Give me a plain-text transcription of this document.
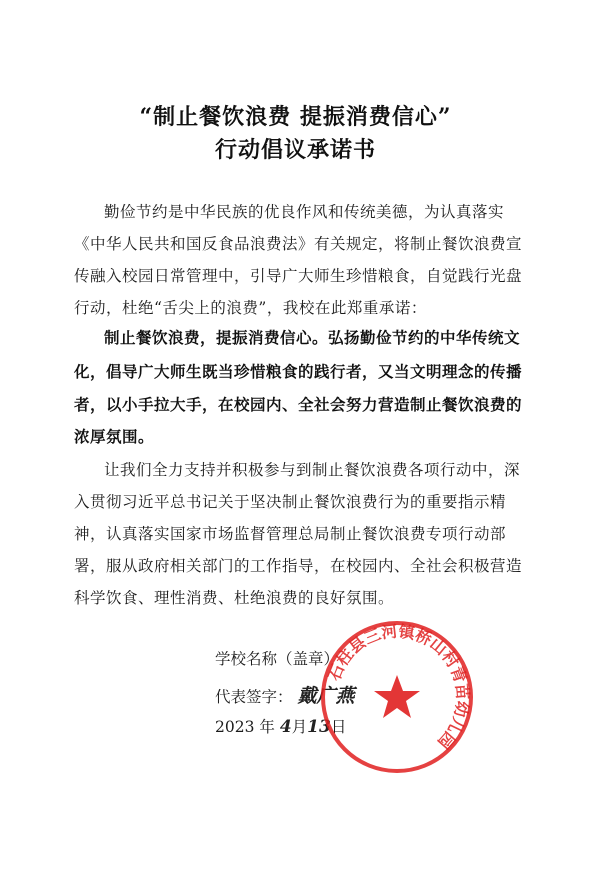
“制止餐饮浪费 提振消费信心”
行动倡议承诺书
勤俭节约是中华民族的优良作风和传统美德，为认真落实
《中华人民共和国反食品浪费法》有关规定，将制止餐饮浪费宣
传融入校园日常管理中，引导广大师生珍惜粮食，自觉践行光盘
行动，杜绝“舌尖上的浪费”，我校在此郑重承诺：
制止餐饮浪费，提振消费信心。弘扬勤俭节约的中华传统文
化，倡导广大师生既当珍惜粮食的践行者，又当文明理念的传播
者，以小手拉大手，在校园内、全社会努力营造制止餐饮浪费的
浓厚氛围。
让我们全力支持并积极参与到制止餐饮浪费各项行动中，深
入贯彻习近平总书记关于坚决制止餐饮浪费行为的重要指示精
神，认真落实国家市场监督管理总局制止餐饮浪费专项行动部
署，服从政府相关部门的工作指导，在校园内、全社会积极营造
科学饮食、理性消费、杜绝浪费的良好氛围。
学校名称（盖章）
代表签字： 戴广燕
2023 年 4月13日
石柱县三河镇桥山村青苗幼儿园
